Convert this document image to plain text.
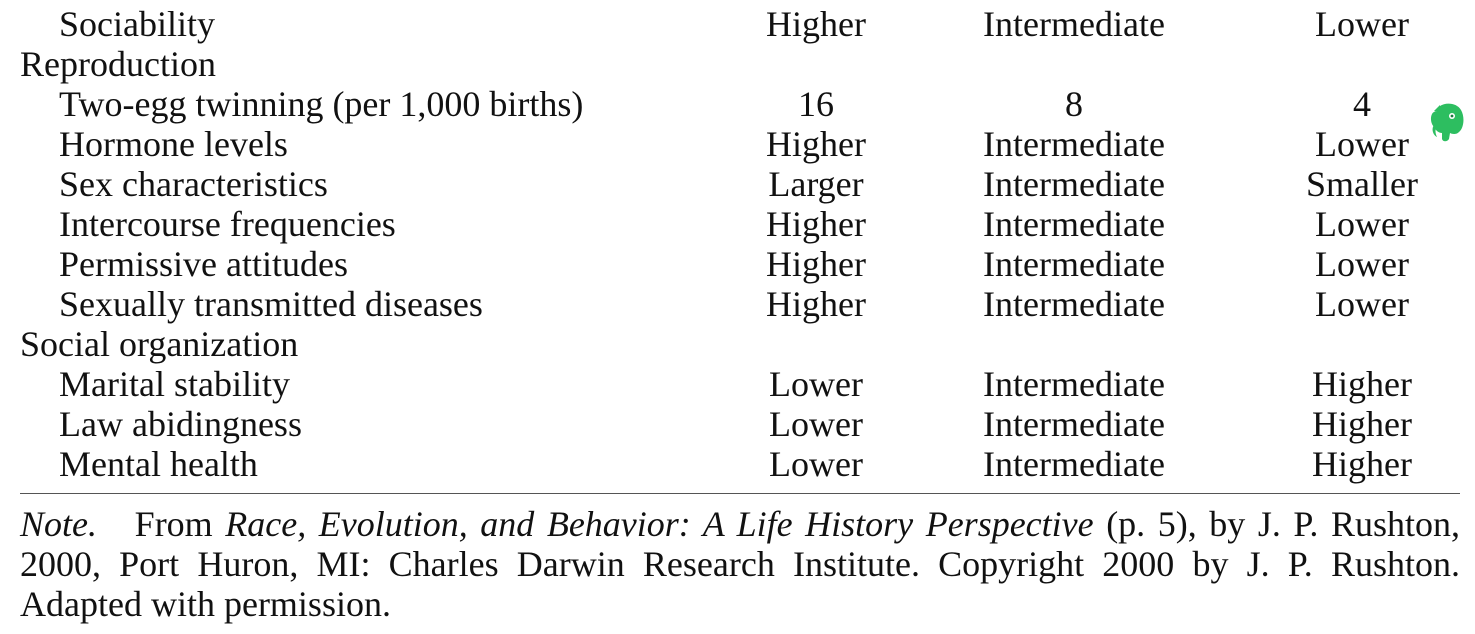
Sociability	Higher	Intermediate	Lower
Reproduction
Two-egg twinning (per 1,000 births)	16	8	4
Hormone levels	Higher	Intermediate	Lower
Sex characteristics	Larger	Intermediate	Smaller
Intercourse frequencies	Higher	Intermediate	Lower
Permissive attitudes	Higher	Intermediate	Lower
Sexually transmitted diseases	Higher	Intermediate	Lower
Social organization
Marital stability	Lower	Intermediate	Higher
Law abidingness	Lower	Intermediate	Higher
Mental health	Lower	Intermediate	Higher
Note. From Race, Evolution, and Behavior: A Life History Perspective (p. 5), by J. P. Rushton, 2000, Port Huron, MI: Charles Darwin Research Institute. Copyright 2000 by J. P. Rushton. Adapted with permission.
